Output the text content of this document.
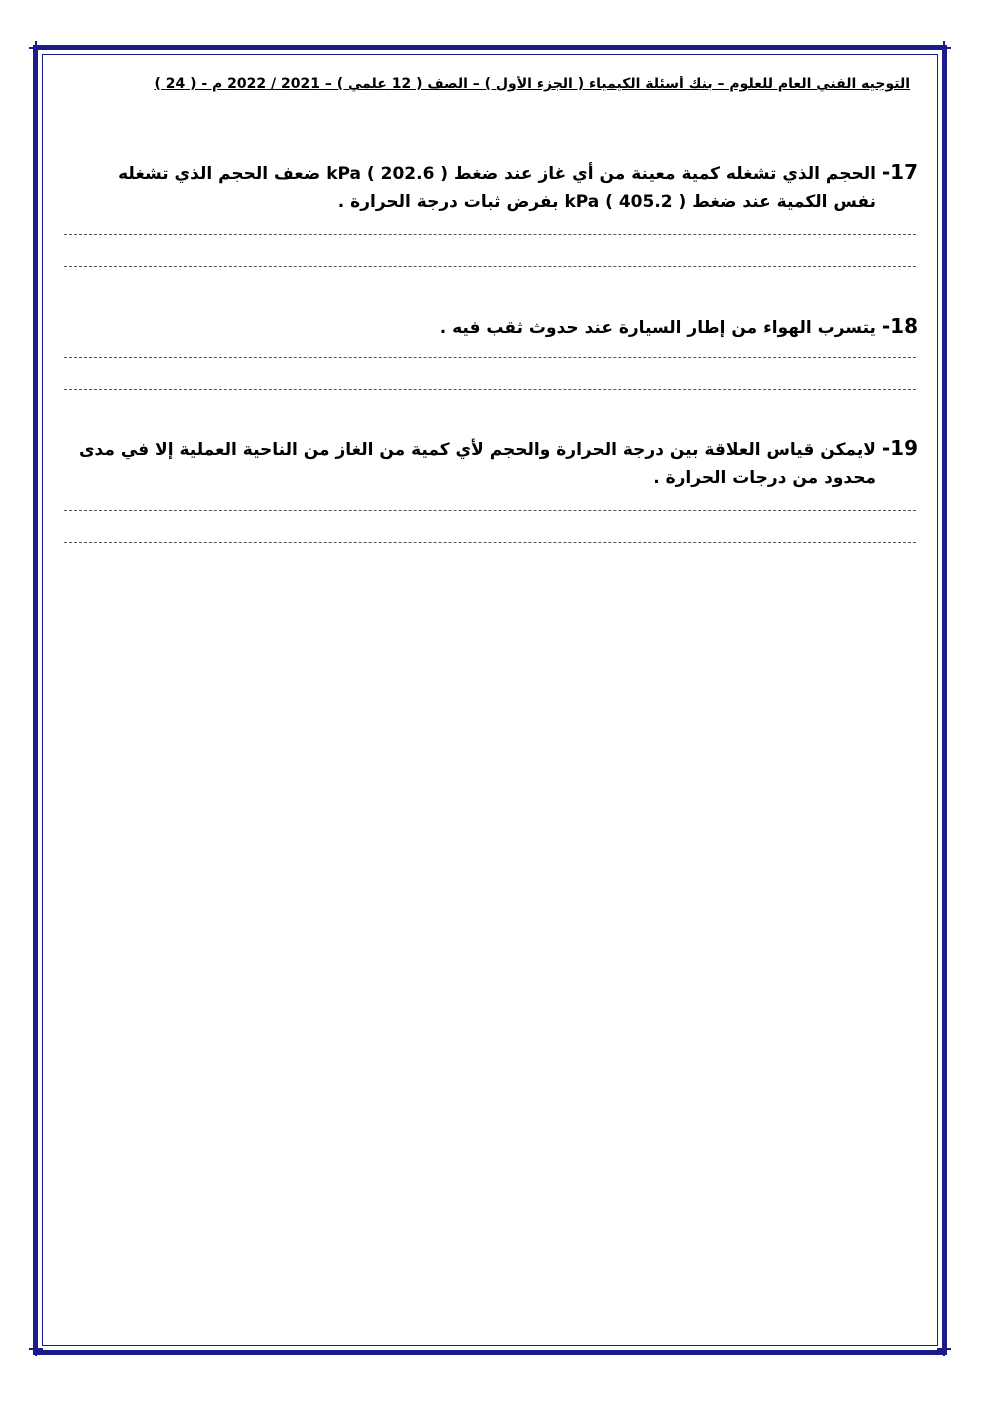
التوجيه الفني العام للعلوم – بنك أسئلة الكيمياء ( الجزء الأول ) – الصف ( 12 علمي ) – 2021 / 2022 م - ( 24 )
17- الحجم الذي تشغله كمية معينة من أي غاز عند ضغط kPa ( 202.6 ) ضعف الحجم الذي تشغله
نفس الكمية عند ضغط kPa ( 405.2 ) بفرض ثبات درجة الحرارة .
18- يتسرب الهواء من إطار السيارة عند حدوث ثقب فيه .
19- لايمكن قياس العلاقة بين درجة الحرارة والحجم لأي كمية من الغاز من الناحية العملية إلا في مدى
محدود من درجات الحرارة .
